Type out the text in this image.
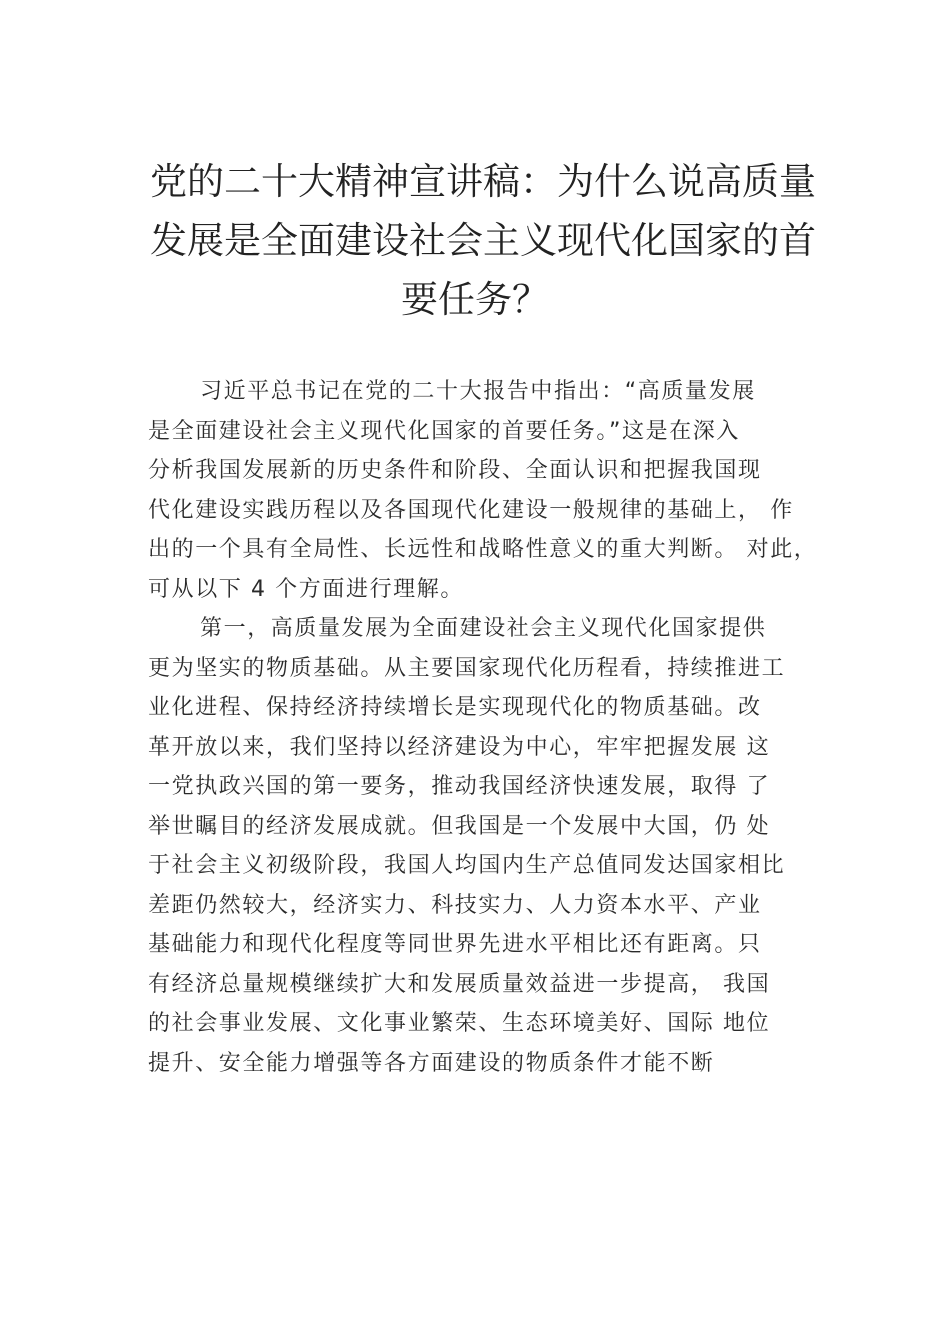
党的二十大精神宣讲稿：为什么说高质量
发展是全面建设社会主义现代化国家的首
要任务？

习近平总书记在党的二十大报告中指出：“高质量发展
是全面建设社会主义现代化国家的首要任务。”这是在深入
分析我国发展新的历史条件和阶段、全面认识和把握我国现
代化建设实践历程以及各国现代化建设一般规律的基础上， 作
出的一个具有全局性、长远性和战略性意义的重大判断。 对此，
可从以下 4 个方面进行理解。

第一，高质量发展为全面建设社会主义现代化国家提供
更为坚实的物质基础。从主要国家现代化历程看，持续推进工
业化进程、保持经济持续增长是实现现代化的物质基础。改
革开放以来，我们坚持以经济建设为中心，牢牢把握发展 这
一党执政兴国的第一要务，推动我国经济快速发展，取得 了
举世瞩目的经济发展成就。但我国是一个发展中大国，仍 处
于社会主义初级阶段，我国人均国内生产总值同发达国家相比
差距仍然较大，经济实力、科技实力、人力资本水平、产业
基础能力和现代化程度等同世界先进水平相比还有距离。只
有经济总量规模继续扩大和发展质量效益进一步提高， 我国
的社会事业发展、文化事业繁荣、生态环境美好、国际 地位
提升、安全能力增强等各方面建设的物质条件才能不断
